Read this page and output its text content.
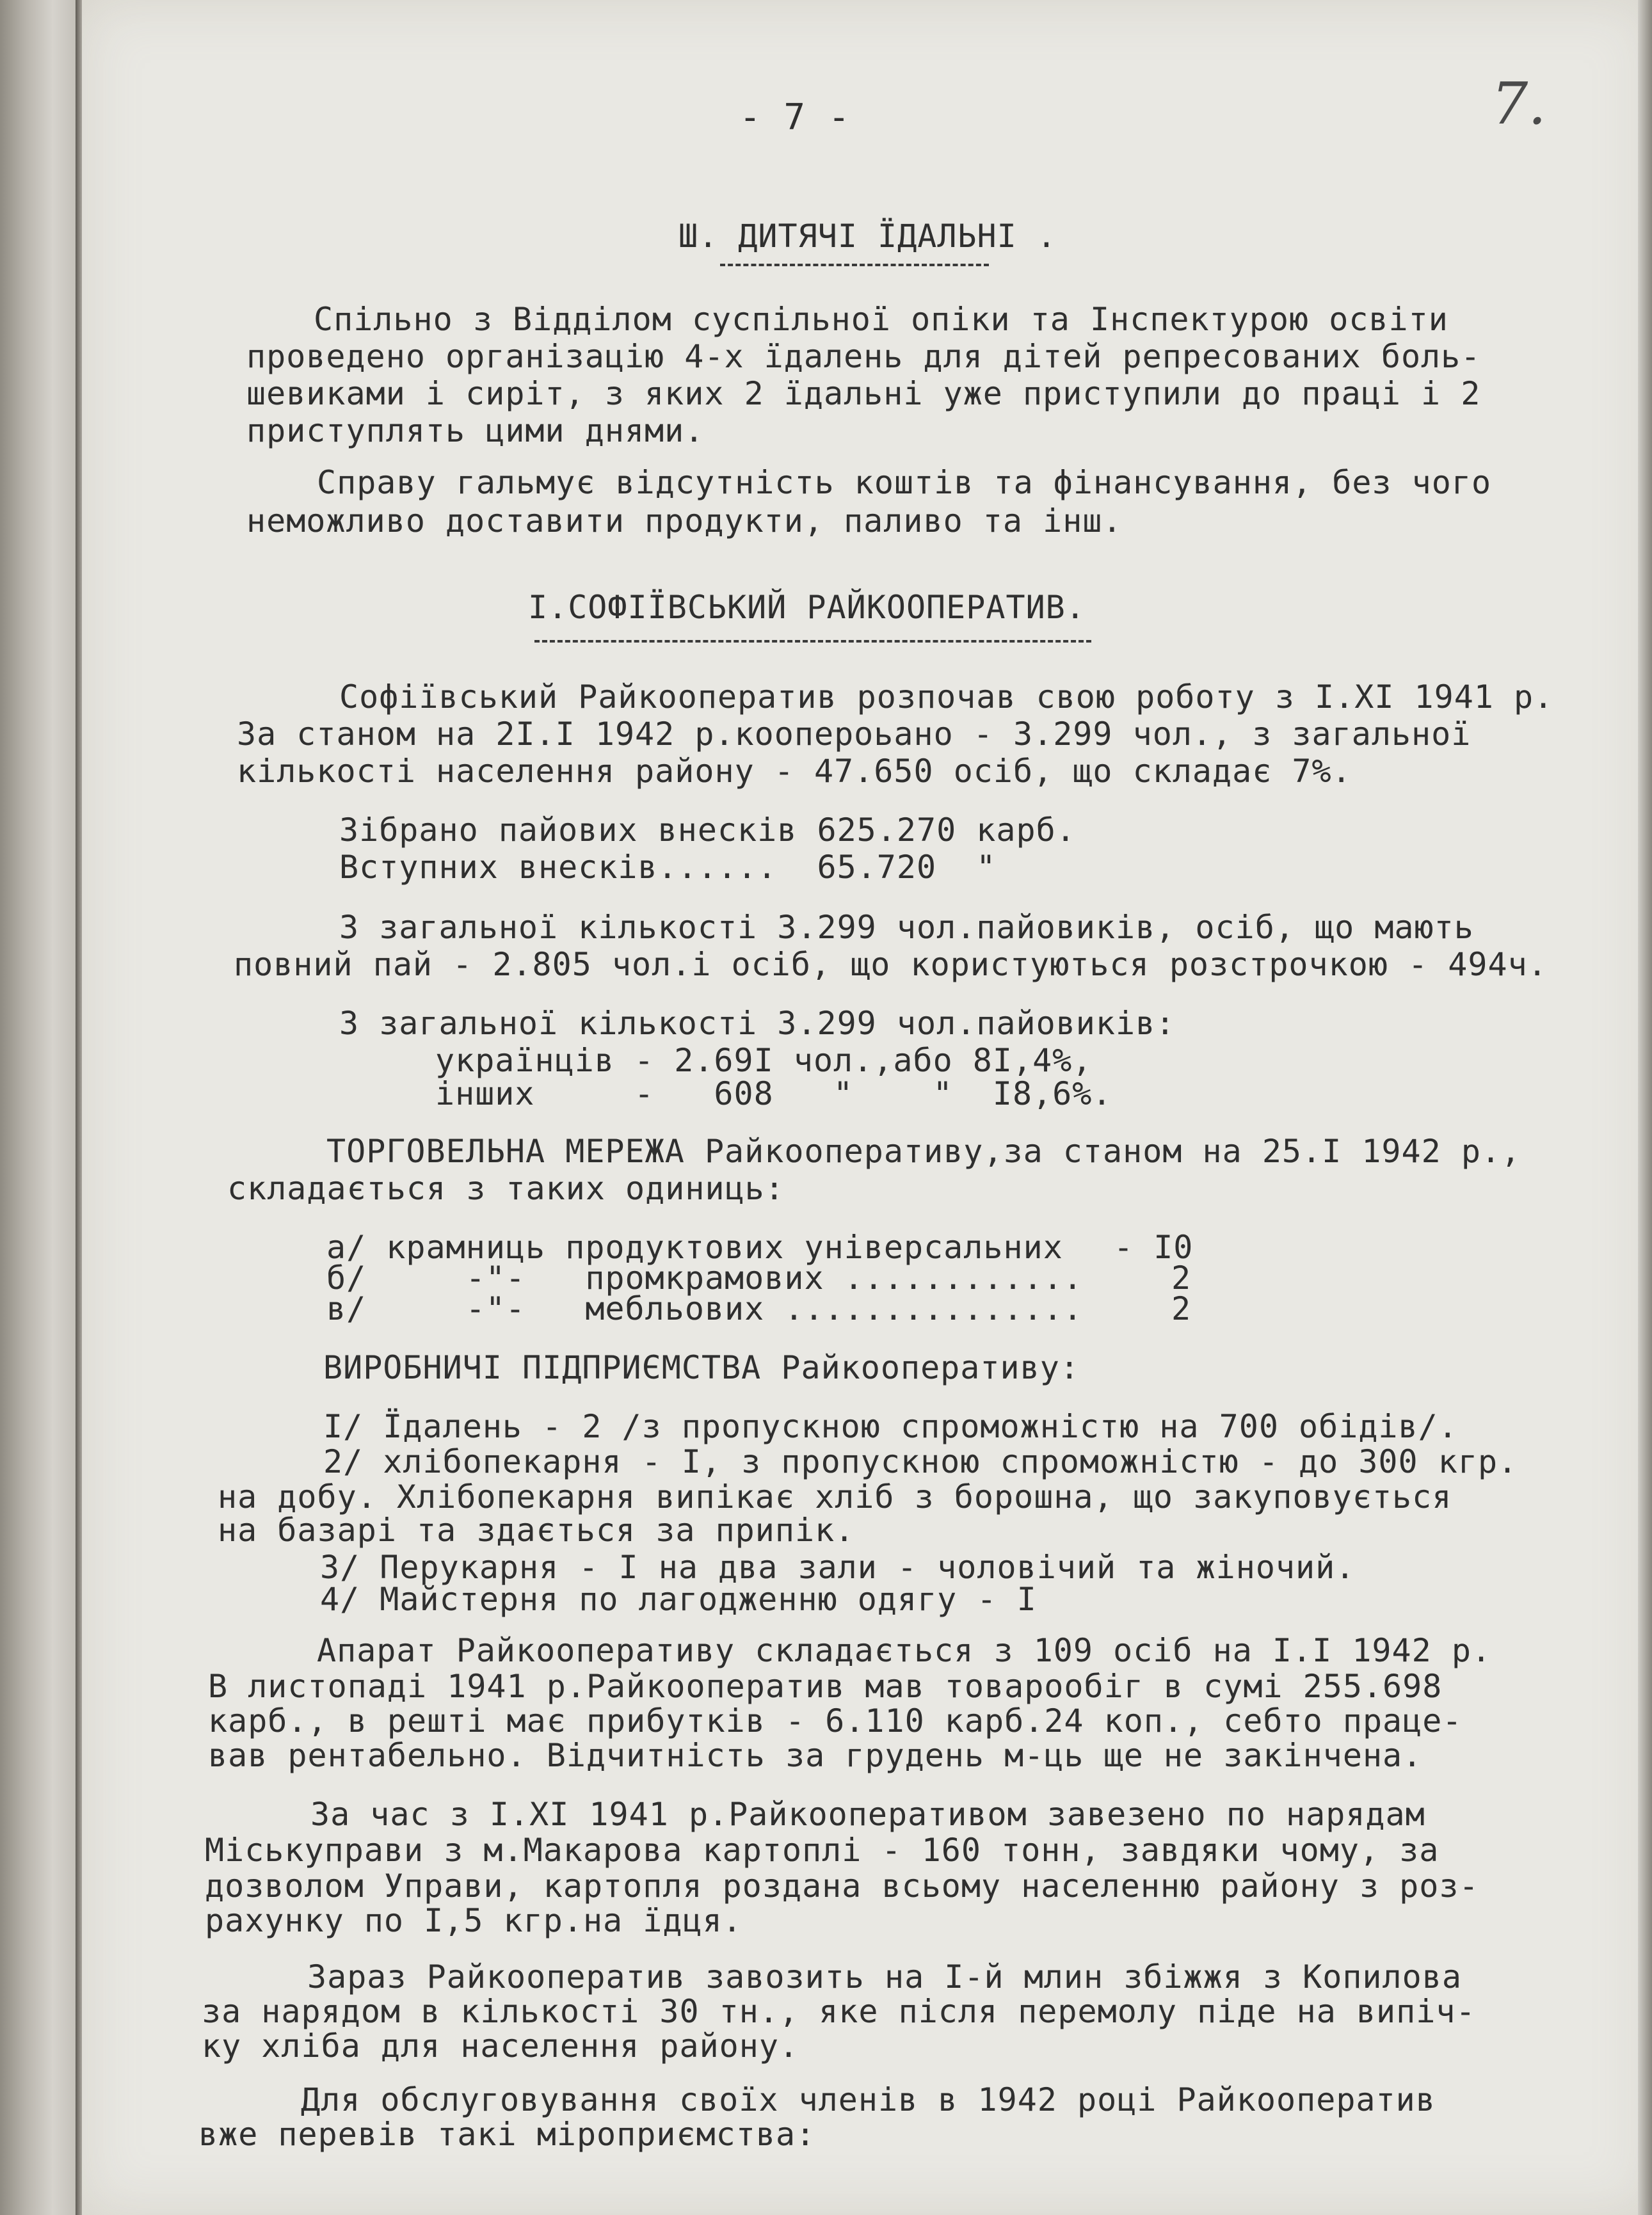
- 7 -	7.
Ш. ДИТЯЧІ ЇДАЛЬНІ .
Спільно з Відділом суспільної опіки та Інспектурою освіти
проведено організацію 4-х їдалень для дітей репресованих боль-
шевиками і сиріт, з яких 2 їдальні уже приступили до праці і 2
приступлять цими днями.
Справу гальмує відсутність коштів та фінансування, без чого
неможливо доставити продукти, паливо та інш.
І.СОФІЇВСЬКИЙ РАЙКООПЕРАТИВ.
Софіївський Райкооператив розпочав свою роботу з І.ХІ 1941 р.
За станом на 2І.І 1942 р.коопероьано - 3.299 чол., з загальної
кількості населення району - 47.650 осіб, що складає 7%.
Зібрано пайових внесків 625.270 карб.
Вступних внесків......  65.720  "
З загальної кількості 3.299 чол.пайовиків, осіб, що мають
повний пай - 2.805 чол.і осіб, що користуються розстрочкою - 494ч.
З загальної кількості 3.299 чол.пайовиків:
українців - 2.69І чол.,або 8І,4%,
інших     -   608   "    "  І8,6%.
ТОРГОВЕЛЬНА МЕРЕЖА Райкооперативу,за станом на 25.І 1942 р.,
складається з таких одиниць:
а/ крамниць продуктових універсальних - І0
б/     -"-   промкрамових ............	2
в/     -"-   мебльових ...............	2
ВИРОБНИЧІ ПІДПРИЄМСТВА Райкооперативу:
І/ Їдалень - 2 /з пропускною спроможністю на 700 обідів/.
2/ хлібопекарня - І, з пропускною спроможністю - до 300 кгр.
на добу. Хлібопекарня випікає хліб з борошна, що закуповується
на базарі та здається за припік.
3/ Перукарня - І на два зали - чоловічий та жіночий.
4/ Майстерня по лагодженню одягу - І
Апарат Райкооперативу складається з 109 осіб на І.І 1942 р.
В листопаді 1941 р.Райкооператив мав товарообіг в сумі 255.698
карб., в решті має прибутків - 6.110 карб.24 коп., себто праце-
вав рентабельно. Відчитність за грудень м-ць ще не закінчена.
За час з І.ХІ 1941 р.Райкооперативом завезено по нарядам
Міськуправи з м.Макарова картоплі - 160 тонн, завдяки чому, за
дозволом Управи, картопля роздана всьому населенню району з роз-
рахунку по І,5 кгр.на їдця.
Зараз Райкооператив завозить на І-й млин збіжжя з Копилова
за нарядом в кількості 30 тн., яке після перемолу піде на випіч-
ку хліба для населення району.
Для обслуговування своїх членів в 1942 році Райкооператив
вже перевів такі міроприємства:
